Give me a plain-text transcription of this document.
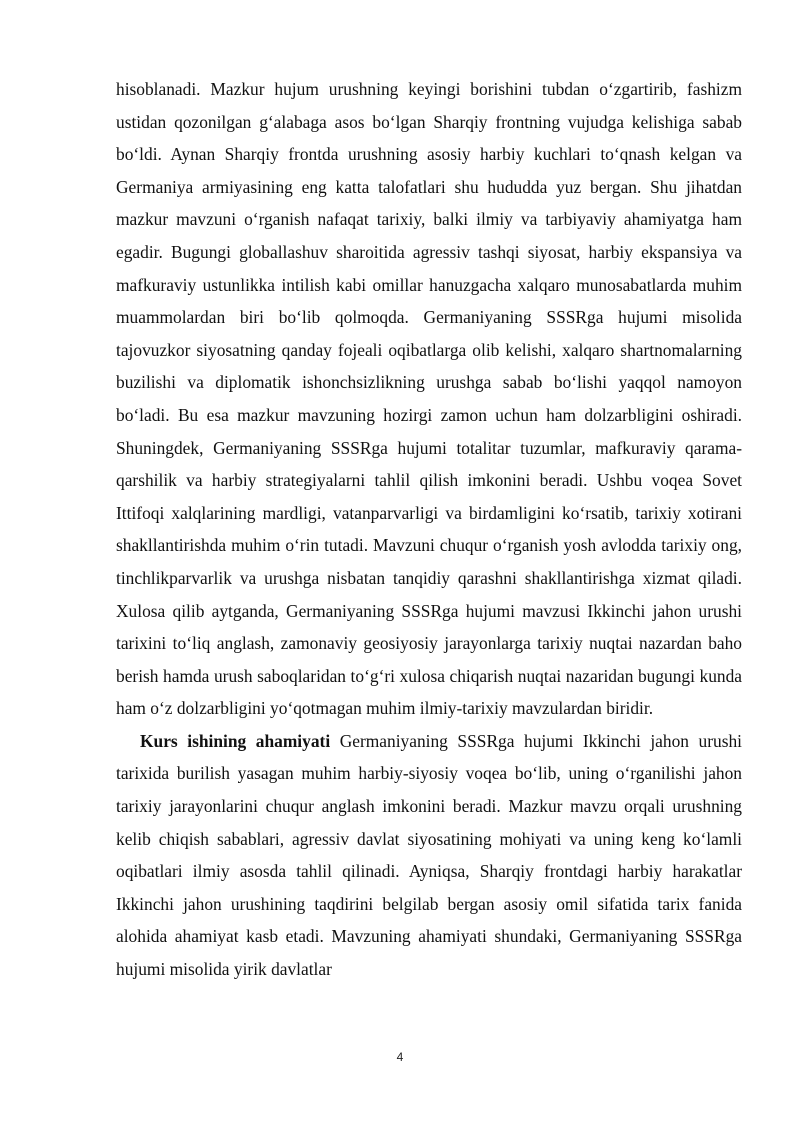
hisoblanadi. Mazkur hujum urushning keyingi borishini tubdan o‘zgartirib, fashizm ustidan qozonilgan g‘alabaga asos bo‘lgan Sharqiy frontning vujudga kelishiga sabab bo‘ldi. Aynan Sharqiy frontda urushning asosiy harbiy kuchlari to‘qnash kelgan va Germaniya armiyasining eng katta talofatlari shu hududda yuz bergan. Shu jihatdan mazkur mavzuni o‘rganish nafaqat tarixiy, balki ilmiy va tarbiyaviy ahamiyatga ham egadir. Bugungi globallashuv sharoitida agressiv tashqi siyosat, harbiy ekspansiya va mafkuraviy ustunlikka intilish kabi omillar hanuzgacha xalqaro munosabatlarda muhim muammolardan biri bo‘lib qolmoqda. Germaniyaning SSSRga hujumi misolida tajovuzkor siyosatning qanday fojeali oqibatlarga olib kelishi, xalqaro shartnomalarning buzilishi va diplomatik ishonchsizlikning urushga sabab bo‘lishi yaqqol namoyon bo‘ladi. Bu esa mazkur mavzuning hozirgi zamon uchun ham dolzarbligini oshiradi. Shuningdek, Germaniyaning SSSRga hujumi totalitar tuzumlar, mafkuraviy qarama-qarshilik va harbiy strategiyalarni tahlil qilish imkonini beradi. Ushbu voqea Sovet Ittifoqi xalqlarining mardligi, vatanparvarligi va birdamligini ko‘rsatib, tarixiy xotirani shakllantirishda muhim o‘rin tutadi. Mavzuni chuqur o‘rganish yosh avlodda tarixiy ong, tinchlikparvarlik va urushga nisbatan tanqidiy qarashni shakllantirishga xizmat qiladi. Xulosa qilib aytganda, Germaniyaning SSSRga hujumi mavzusi Ikkinchi jahon urushi tarixini to‘liq anglash, zamonaviy geosiyosiy jarayonlarga tarixiy nuqtai nazardan baho berish hamda urush saboqlaridan to‘g‘ri xulosa chiqarish nuqtai nazaridan bugungi kunda ham o‘z dolzarbligini yo‘qotmagan muhim ilmiy-tarixiy mavzulardan biridir.

Kurs ishining ahamiyati Germaniyaning SSSRga hujumi Ikkinchi jahon urushi tarixida burilish yasagan muhim harbiy-siyosiy voqea bo‘lib, uning o‘rganilishi jahon tarixiy jarayonlarini chuqur anglash imkonini beradi. Mazkur mavzu orqali urushning kelib chiqish sabablari, agressiv davlat siyosatining mohiyati va uning keng ko‘lamli oqibatlari ilmiy asosda tahlil qilinadi. Ayniqsa, Sharqiy frontdagi harbiy harakatlar Ikkinchi jahon urushining taqdirini belgilab bergan asosiy omil sifatida tarix fanida alohida ahamiyat kasb etadi. Mavzuning ahamiyati shundaki, Germaniyaning SSSRga hujumi misolida yirik davlatlar

4
